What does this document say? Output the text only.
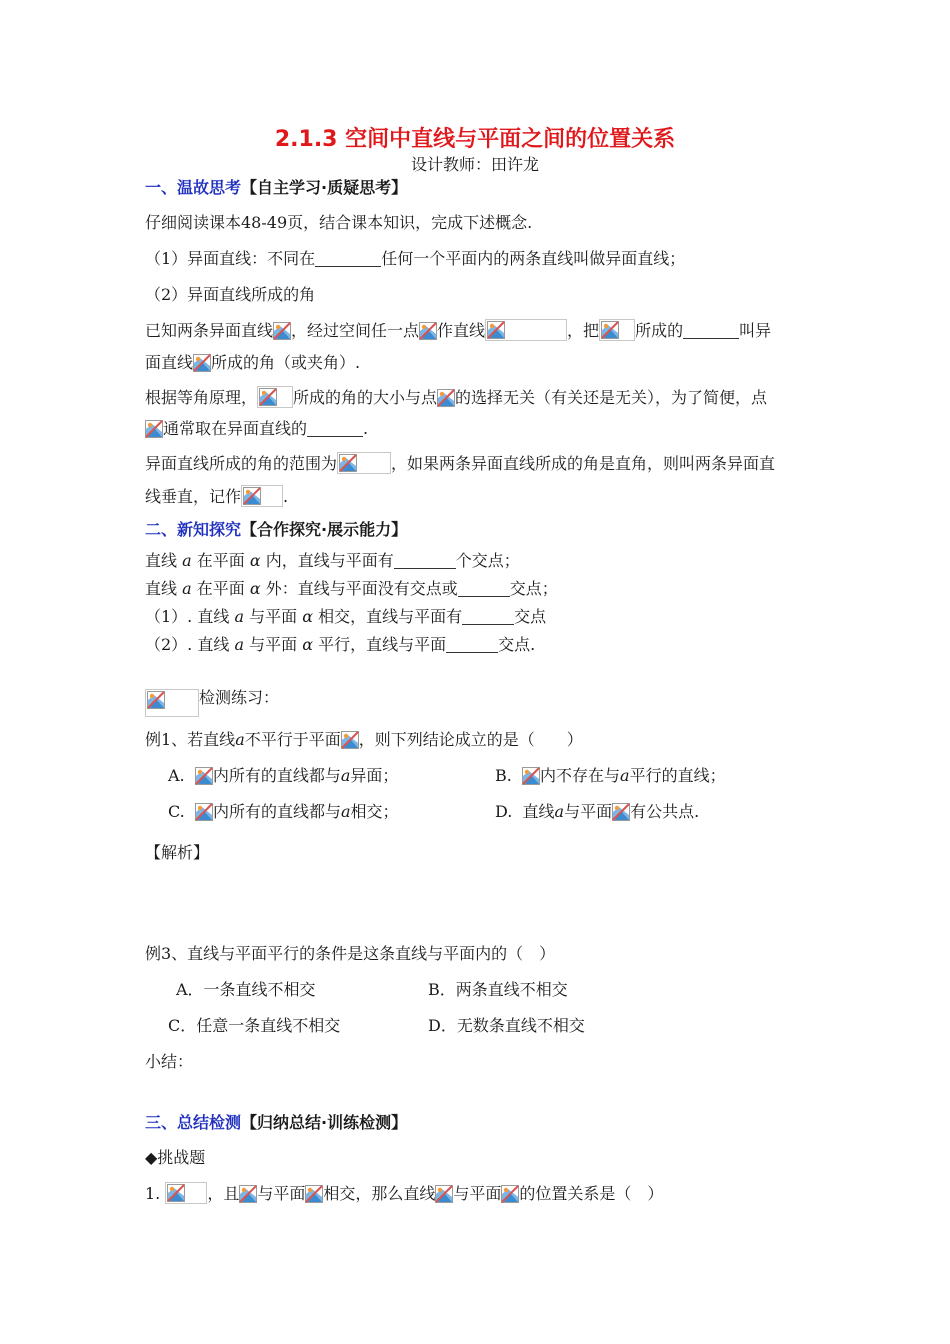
2.1.3 空间中直线与平面之间的位置关系
设计教师：田许龙
一、温故思考【自主学习·质疑思考】
仔细阅读课本48-49页，结合课本知识，完成下述概念.
（1）异面直线：不同在	任何一个平面内的两条直线叫做异面直线；
（2）异面直线所成的角
已知两条异面直线 ，经过空间任一点 作直线	，把 所成的	叫异
面直线 所成的角（或夹角）.
根据等角原理， 所成的角的大小与点 的选择无关（有关还是无关），为了简便，点
通常取在异面直线的	.
异面直线所成的角的范围为	，如果两条异面直线所成的角是直角，则叫两条异面直
线垂直，记作	.
二、新知探究【合作探究·展示能力】
直线 a 在平面 α 内，直线与平面有	个交点；
直线 a 在平面 α 外：直线与平面没有交点或	交点；
（1）. 直线 a 与平面 α 相交，直线与平面有	交点
（2）. 直线 a 与平面 α 平行，直线与平面	交点.
检测练习：
例1、若直线a不平行于平面 ，则下列结论成立的是（　　）
A. 内所有的直线都与a异面；	B. 内不存在与a平行的直线；
C. 内所有的直线都与a相交；	D. 直线a与平面 有公共点.
【解析】
例3、直线与平面平行的条件是这条直线与平面内的（　）
A．一条直线不相交	B．两条直线不相交
C．任意一条直线不相交	D．无数条直线不相交
小结：
三、总结检测【归纳总结·训练检测】
◆挑战题
1.	，且 与平面 相交，那么直线 与平面 的位置关系是（　）
